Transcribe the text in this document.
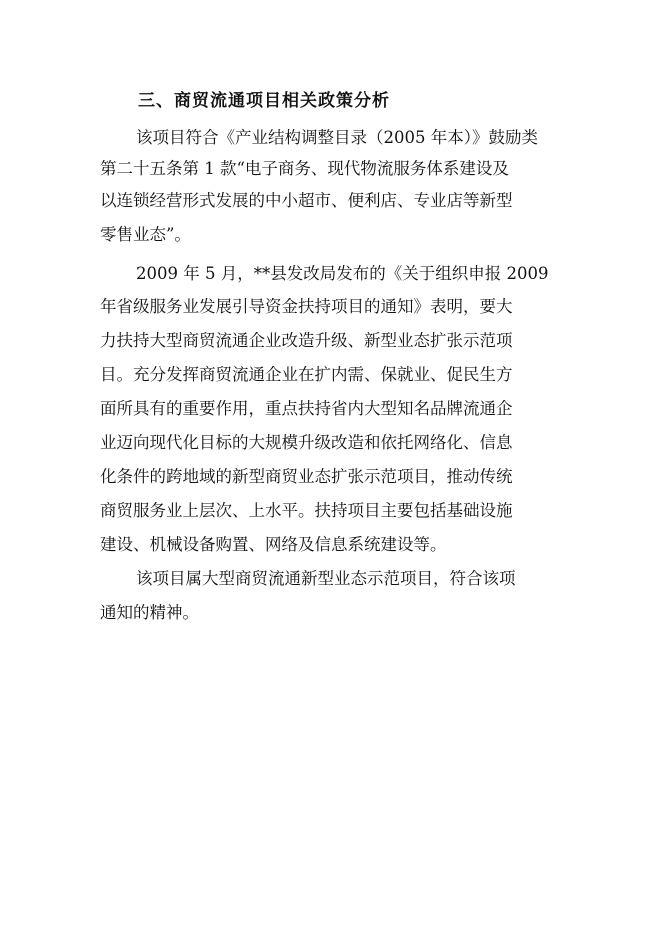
三、商贸流通项目相关政策分析

该项目符合《产业结构调整目录（2005 年本）》鼓励类

第二十五条第 1 款“电子商务、现代物流服务体系建设及

以连锁经营形式发展的中小超市、便利店、专业店等新型

零售业态”。

2009 年 5 月，**县发改局发布的《关于组织申报 2009

年省级服务业发展引导资金扶持项目的通知》表明，要大

力扶持大型商贸流通企业改造升级、新型业态扩张示范项

目。充分发挥商贸流通企业在扩内需、保就业、促民生方

面所具有的重要作用，重点扶持省内大型知名品牌流通企

业迈向现代化目标的大规模升级改造和依托网络化、信息

化条件的跨地域的新型商贸业态扩张示范项目，推动传统

商贸服务业上层次、上水平。扶持项目主要包括基础设施

建设、机械设备购置、网络及信息系统建设等。

该项目属大型商贸流通新型业态示范项目，符合该项

通知的精神。
